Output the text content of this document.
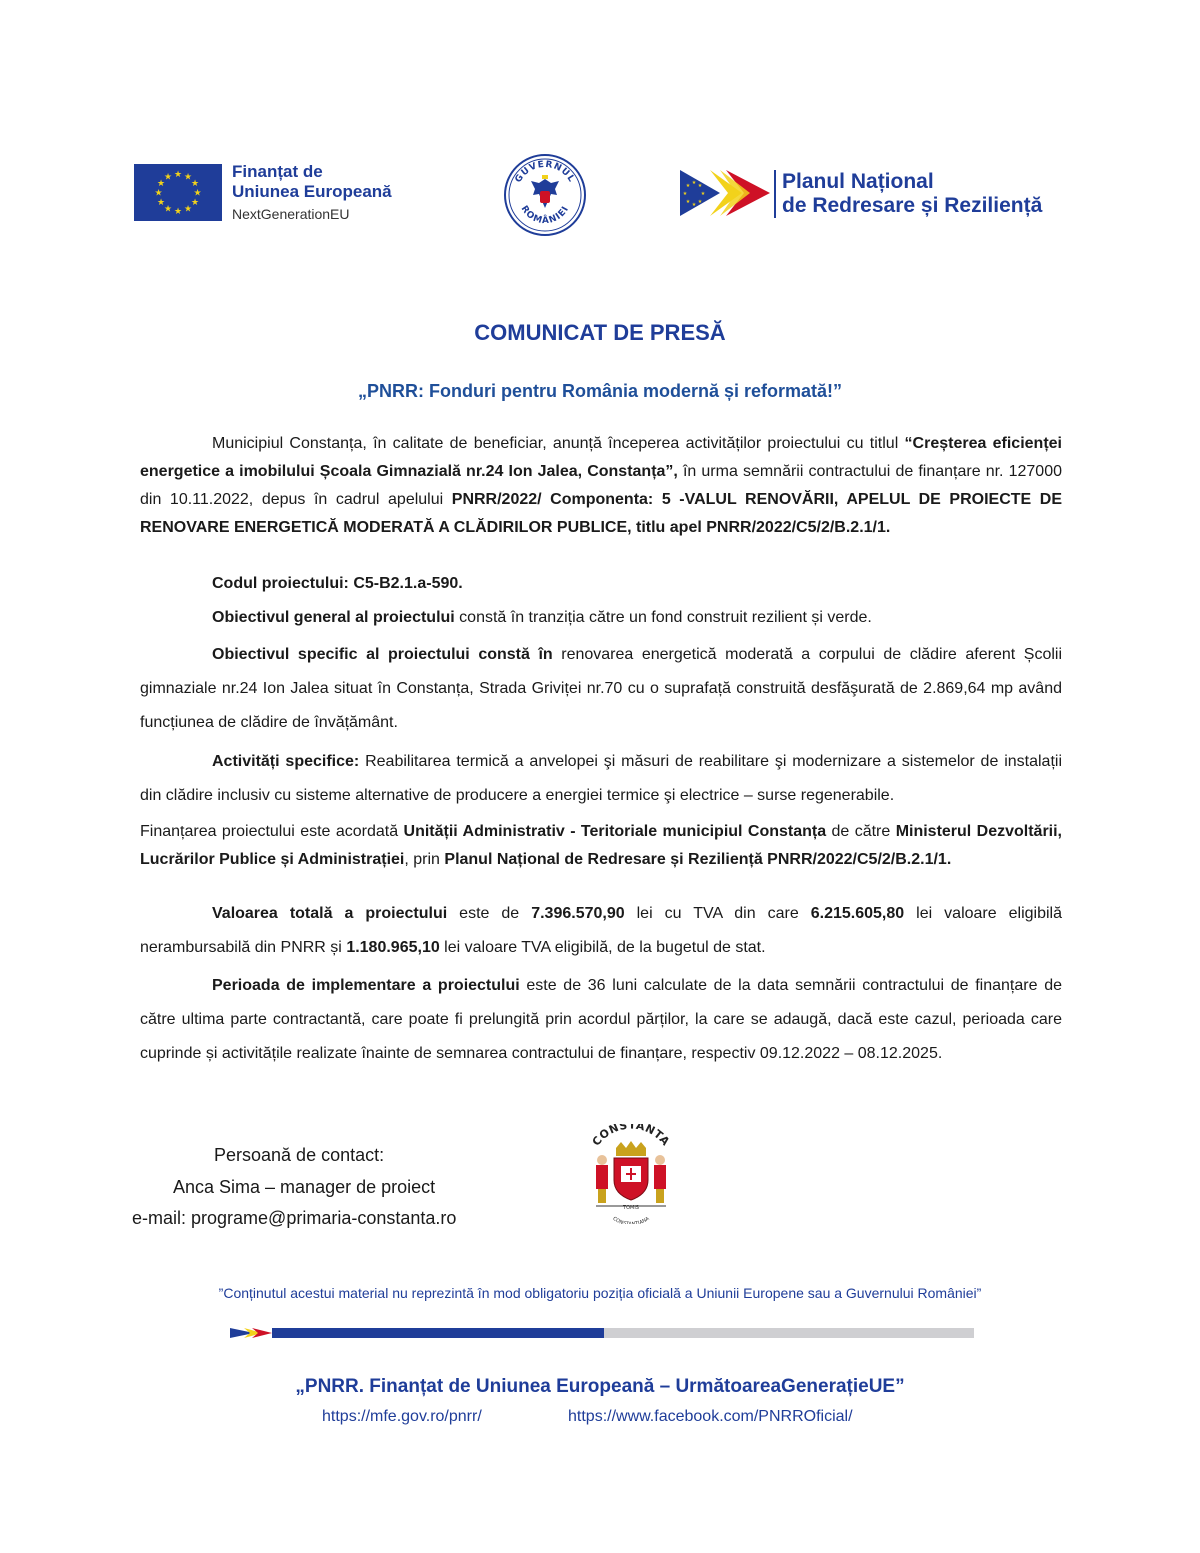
★ ★
★
★
★
★
★
★
★
★
★
★	Finanțat de
Uniunea Europeană
NextGenerationEU
GUVERNUL
ROMÂNIEI
★ ★
★
★
★
★
★
★	Planul Național
de Redresare și Reziliență
COMUNICAT DE PRESĂ
„PNRR: Fonduri pentru România modernă și reformată!”
Municipiul Constanța, în calitate de beneficiar, anunță începerea activităților proiectului cu titlul “Creșterea eficienței energetice a imobilului Școala Gimnazială nr.24 Ion Jalea, Constanța”, în urma semnării contractului de finanțare nr. 127000 din 10.11.2022, depus în cadrul apelului PNRR/2022/ Componenta: 5 -VALUL RENOVĂRII, APELUL DE PROIECTE DE RENOVARE ENERGETICĂ MODERATĂ A CLĂDIRILOR PUBLICE, titlu apel PNRR/2022/C5/2/B.2.1/1.
Codul proiectului: C5-B2.1.a-590.
Obiectivul general al proiectului constă în tranziția către un fond construit rezilient și verde.
Obiectivul specific al proiectului constă în renovarea energetică moderată a corpului de clădire aferent Școlii gimnaziale nr.24 Ion Jalea situat în Constanța, Strada Griviței nr.70 cu o suprafață construită desfăşurată de 2.869,64 mp având funcțiunea de clădire de învățământ.
Activități specifice: Reabilitarea termică a anvelopei şi măsuri de reabilitare şi modernizare a sistemelor de instalații din clădire inclusiv cu sisteme alternative de producere a energiei termice şi electrice – surse regenerabile.
Finanțarea proiectului este acordată Unității Administrativ - Teritoriale municipiul Constanța de către Ministerul Dezvoltării, Lucrărilor Publice și Administrației, prin Planul Național de Redresare și Reziliență PNRR/2022/C5/2/B.2.1/1.
Valoarea totală a proiectului este de 7.396.570,90 lei cu TVA din care 6.215.605,80 lei valoare eligibilă nerambursabilă din PNRR și 1.180.965,10 lei valoare TVA eligibilă, de la bugetul de stat.
Perioada de implementare a proiectului este de 36 luni calculate de la data semnării contractului de finanțare de către ultima parte contractantă, care poate fi prelungită prin acordul părților, la care se adaugă, dacă este cazul, perioada care cuprinde și activitățile realizate înainte de semnarea contractului de finanțare, respectiv 09.12.2022 – 08.12.2025.
Persoană de contact:
Anca Sima – manager de proiect
e-mail: programe@primaria-constanta.ro
CONSTANTA
TOMIS
CONS TIANA
”Conținutul acestui material nu reprezintă în mod obligatoriu poziția oficială a Uniunii Europene sau a Guvernului României”
„PNRR. Finanțat de Uniunea Europeană – UrmătoareaGenerațieUE”
https://mfe.gov.ro/pnrr/	https://www.facebook.com/PNRROficial/
